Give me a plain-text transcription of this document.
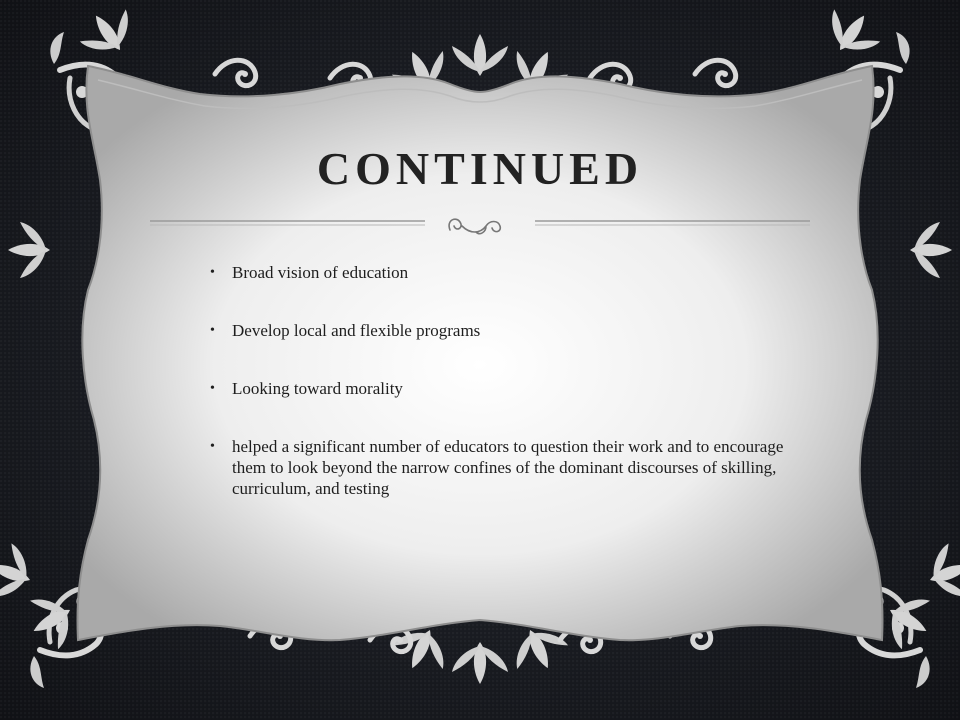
CONTINUED
• Broad vision of education
• Develop local and flexible programs
• Looking toward morality
• helped a significant number of educators to question their work and to encourage them to look beyond the narrow confines of the dominant discourses of skilling, curriculum, and testing
